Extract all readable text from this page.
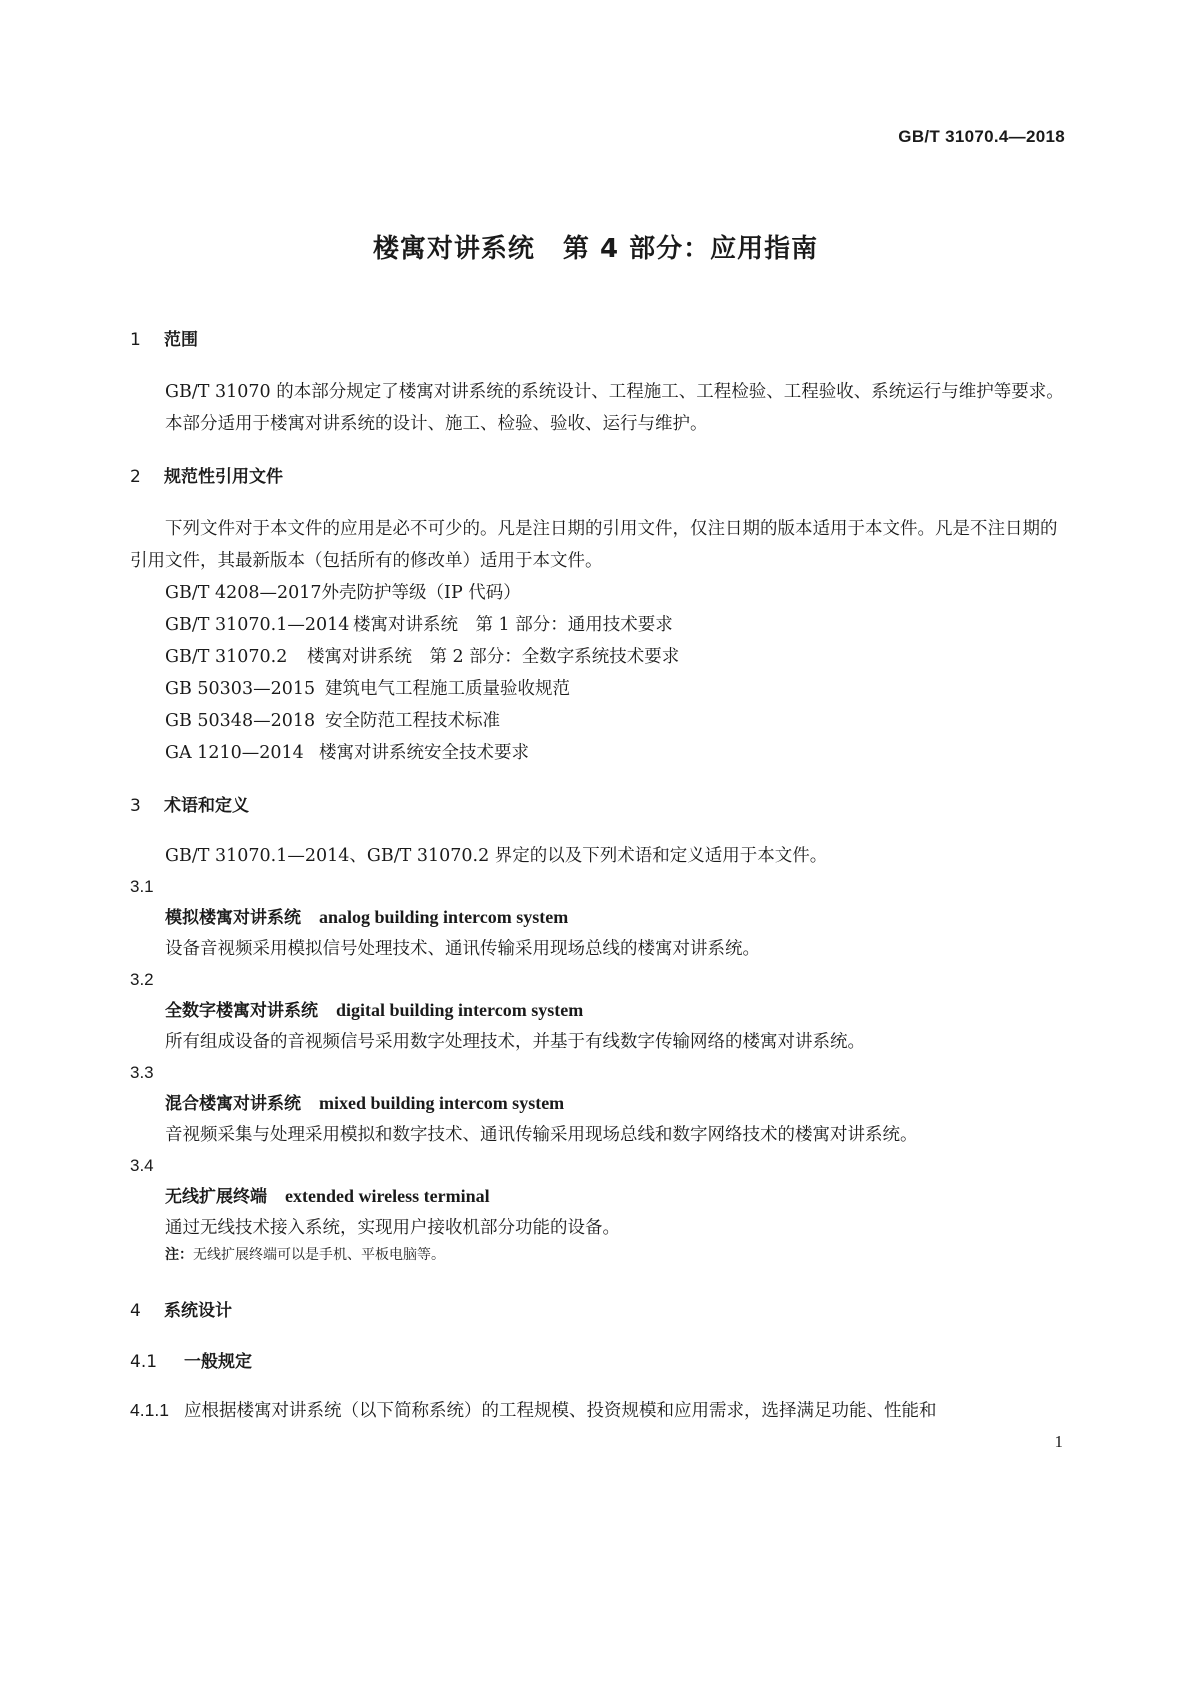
GB/T 31070.4—2018
楼寓对讲系统 第 4 部分：应用指南
1 范围

GB/T 31070 的本部分规定了楼寓对讲系统的系统设计、工程施工、工程检验、工程验收、系统运行与维护等要求。

本部分适用于楼寓对讲系统的设计、施工、检验、验收、运行与维护。

2 规范性引用文件

下列文件对于本文件的应用是必不可少的。凡是注日期的引用文件，仅注日期的版本适用于本文件。凡是不注日期的引用文件，其最新版本（包括所有的修改单）适用于本文件。

GB/T 4208—2017外壳防护等级（IP 代码）
GB/T 31070.1—2014 楼寓对讲系统　第 1 部分：通用技术要求
GB/T 31070.2 楼寓对讲系统　第 2 部分：全数字系统技术要求
GB 50303—2015 建筑电气工程施工质量验收规范
GB 50348—2018 安全防范工程技术标准
GA 1210—2014 楼寓对讲系统安全技术要求
3 术语和定义

GB/T 31070.1—2014、GB/T 31070.2 界定的以及下列术语和定义适用于本文件。

3.1
模拟楼寓对讲系统 analog building intercom system
设备音视频采用模拟信号处理技术、通讯传输采用现场总线的楼寓对讲系统。
3.2
全数字楼寓对讲系统 digital building intercom system
所有组成设备的音视频信号采用数字处理技术，并基于有线数字传输网络的楼寓对讲系统。
3.3
混合楼寓对讲系统 mixed building intercom system
音视频采集与处理采用模拟和数字技术、通讯传输采用现场总线和数字网络技术的楼寓对讲系统。
3.4
无线扩展终端 extended wireless terminal
通过无线技术接入系统，实现用户接收机部分功能的设备。
注：无线扩展终端可以是手机、平板电脑等。
4 系统设计
4.1 一般规定

4.1.1 应根据楼寓对讲系统（以下简称系统）的工程规模、投资规模和应用需求，选择满足功能、性能和

1
